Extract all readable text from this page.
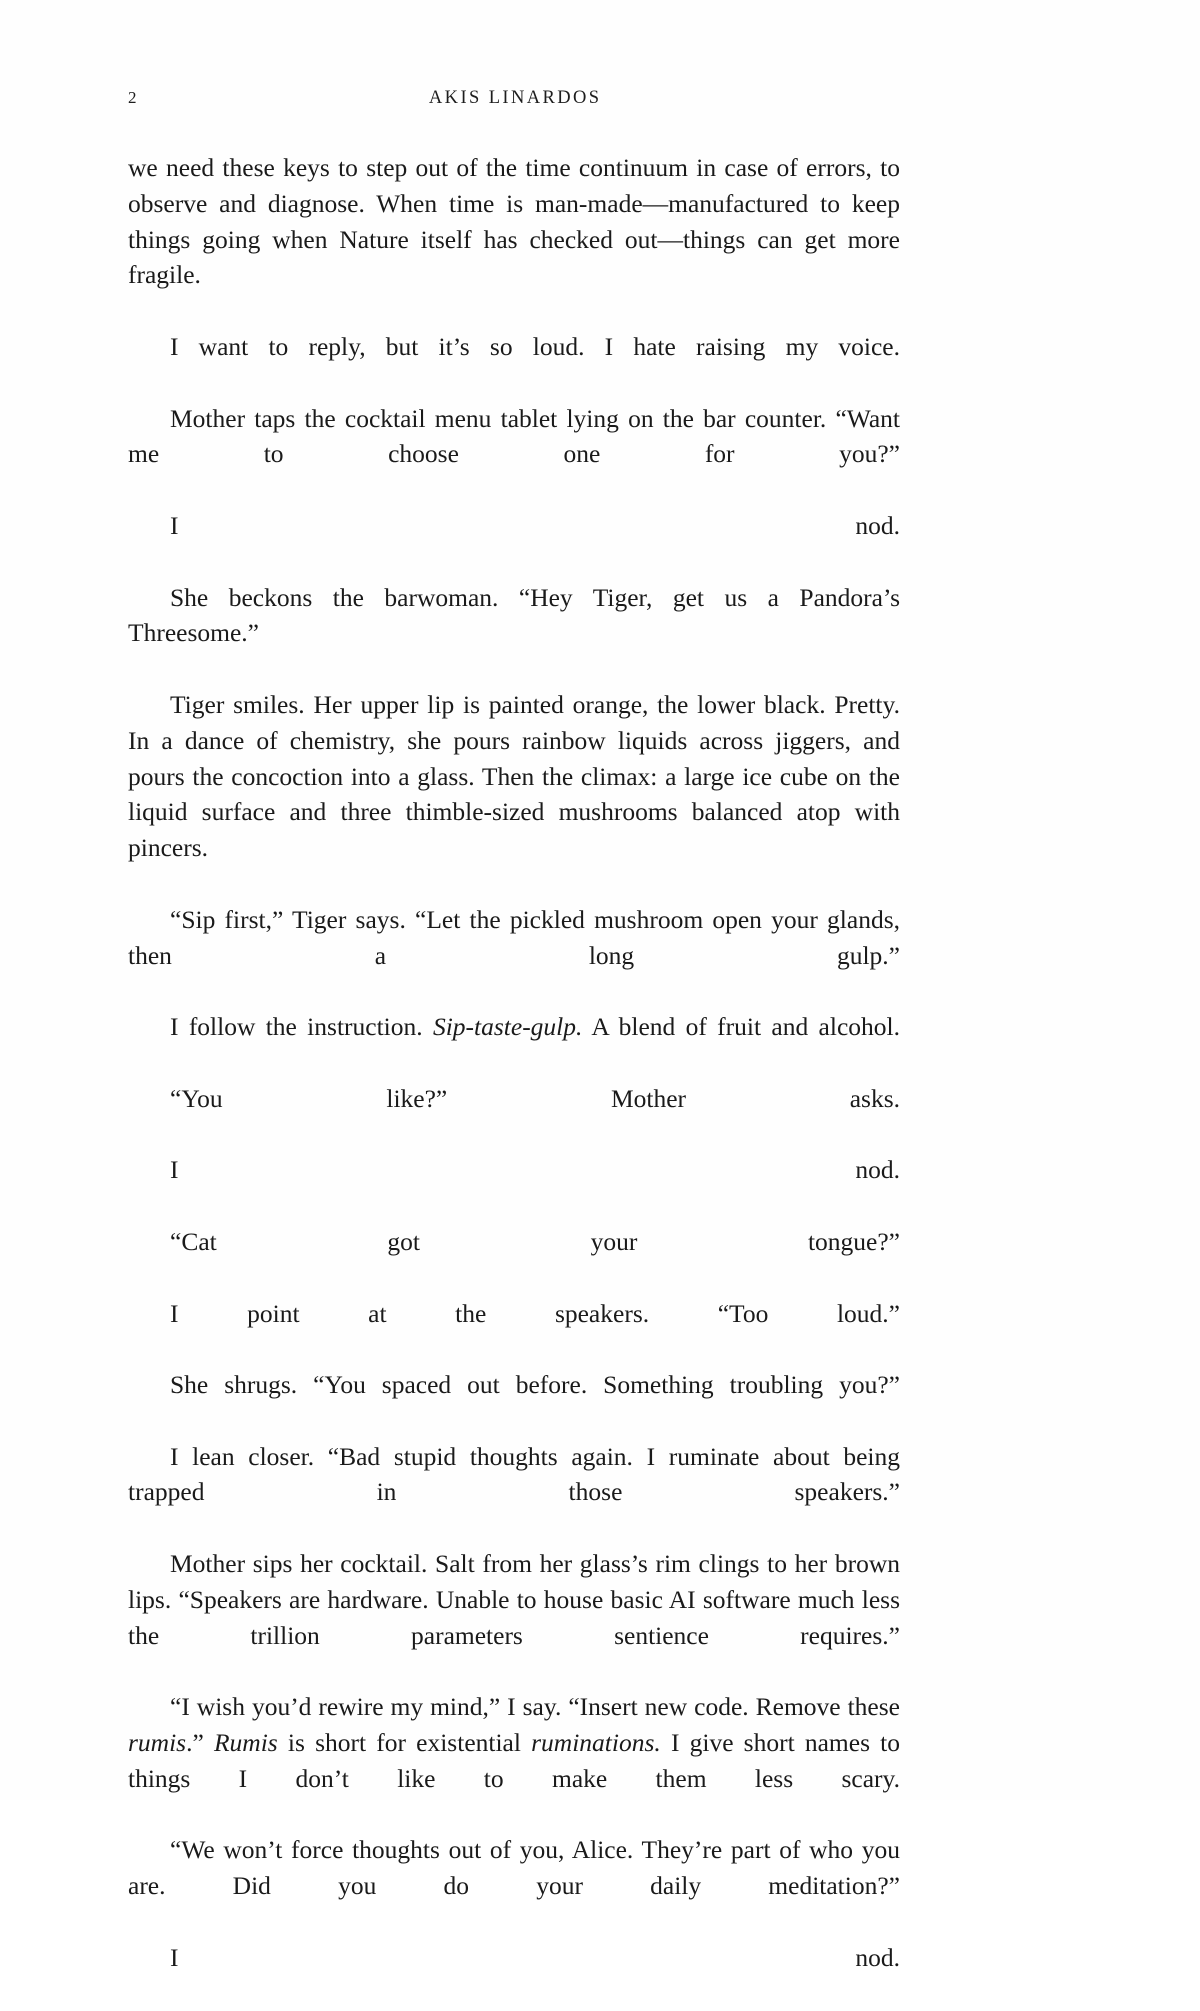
2	AKIS LINARDOS

we need these keys to step out of the time continuum in case of errors, to observe and diagnose. When time is man-made—manufactured to keep things going when Nature itself has checked out—things can get more fragile.

I want to reply, but it’s so loud. I hate raising my voice.

Mother taps the cocktail menu tablet lying on the bar counter. “Want me to choose one for you?”

I nod.

She beckons the barwoman. “Hey Tiger, get us a Pandora’s Threesome.”

Tiger smiles. Her upper lip is painted orange, the lower black. Pretty. In a dance of chemistry, she pours rainbow liquids across jiggers, and pours the concoction into a glass. Then the climax: a large ice cube on the liquid surface and three thimble-sized mushrooms balanced atop with pincers.

“Sip first,” Tiger says. “Let the pickled mushroom open your glands, then a long gulp.”

I follow the instruction. Sip-taste-gulp. A blend of fruit and alcohol.

“You like?” Mother asks.

I nod.

“Cat got your tongue?”

I point at the speakers. “Too loud.”

She shrugs. “You spaced out before. Something troubling you?”

I lean closer. “Bad stupid thoughts again. I ruminate about being trapped in those speakers.”

Mother sips her cocktail. Salt from her glass’s rim clings to her brown lips. “Speakers are hardware. Unable to house basic AI software much less the trillion parameters sentience requires.”

“I wish you’d rewire my mind,” I say. “Insert new code. Remove these rumis.” Rumis is short for existential ruminations. I give short names to things I don’t like to make them less scary.

“We won’t force thoughts out of you, Alice. They’re part of who you are. Did you do your daily meditation?”

I nod.
